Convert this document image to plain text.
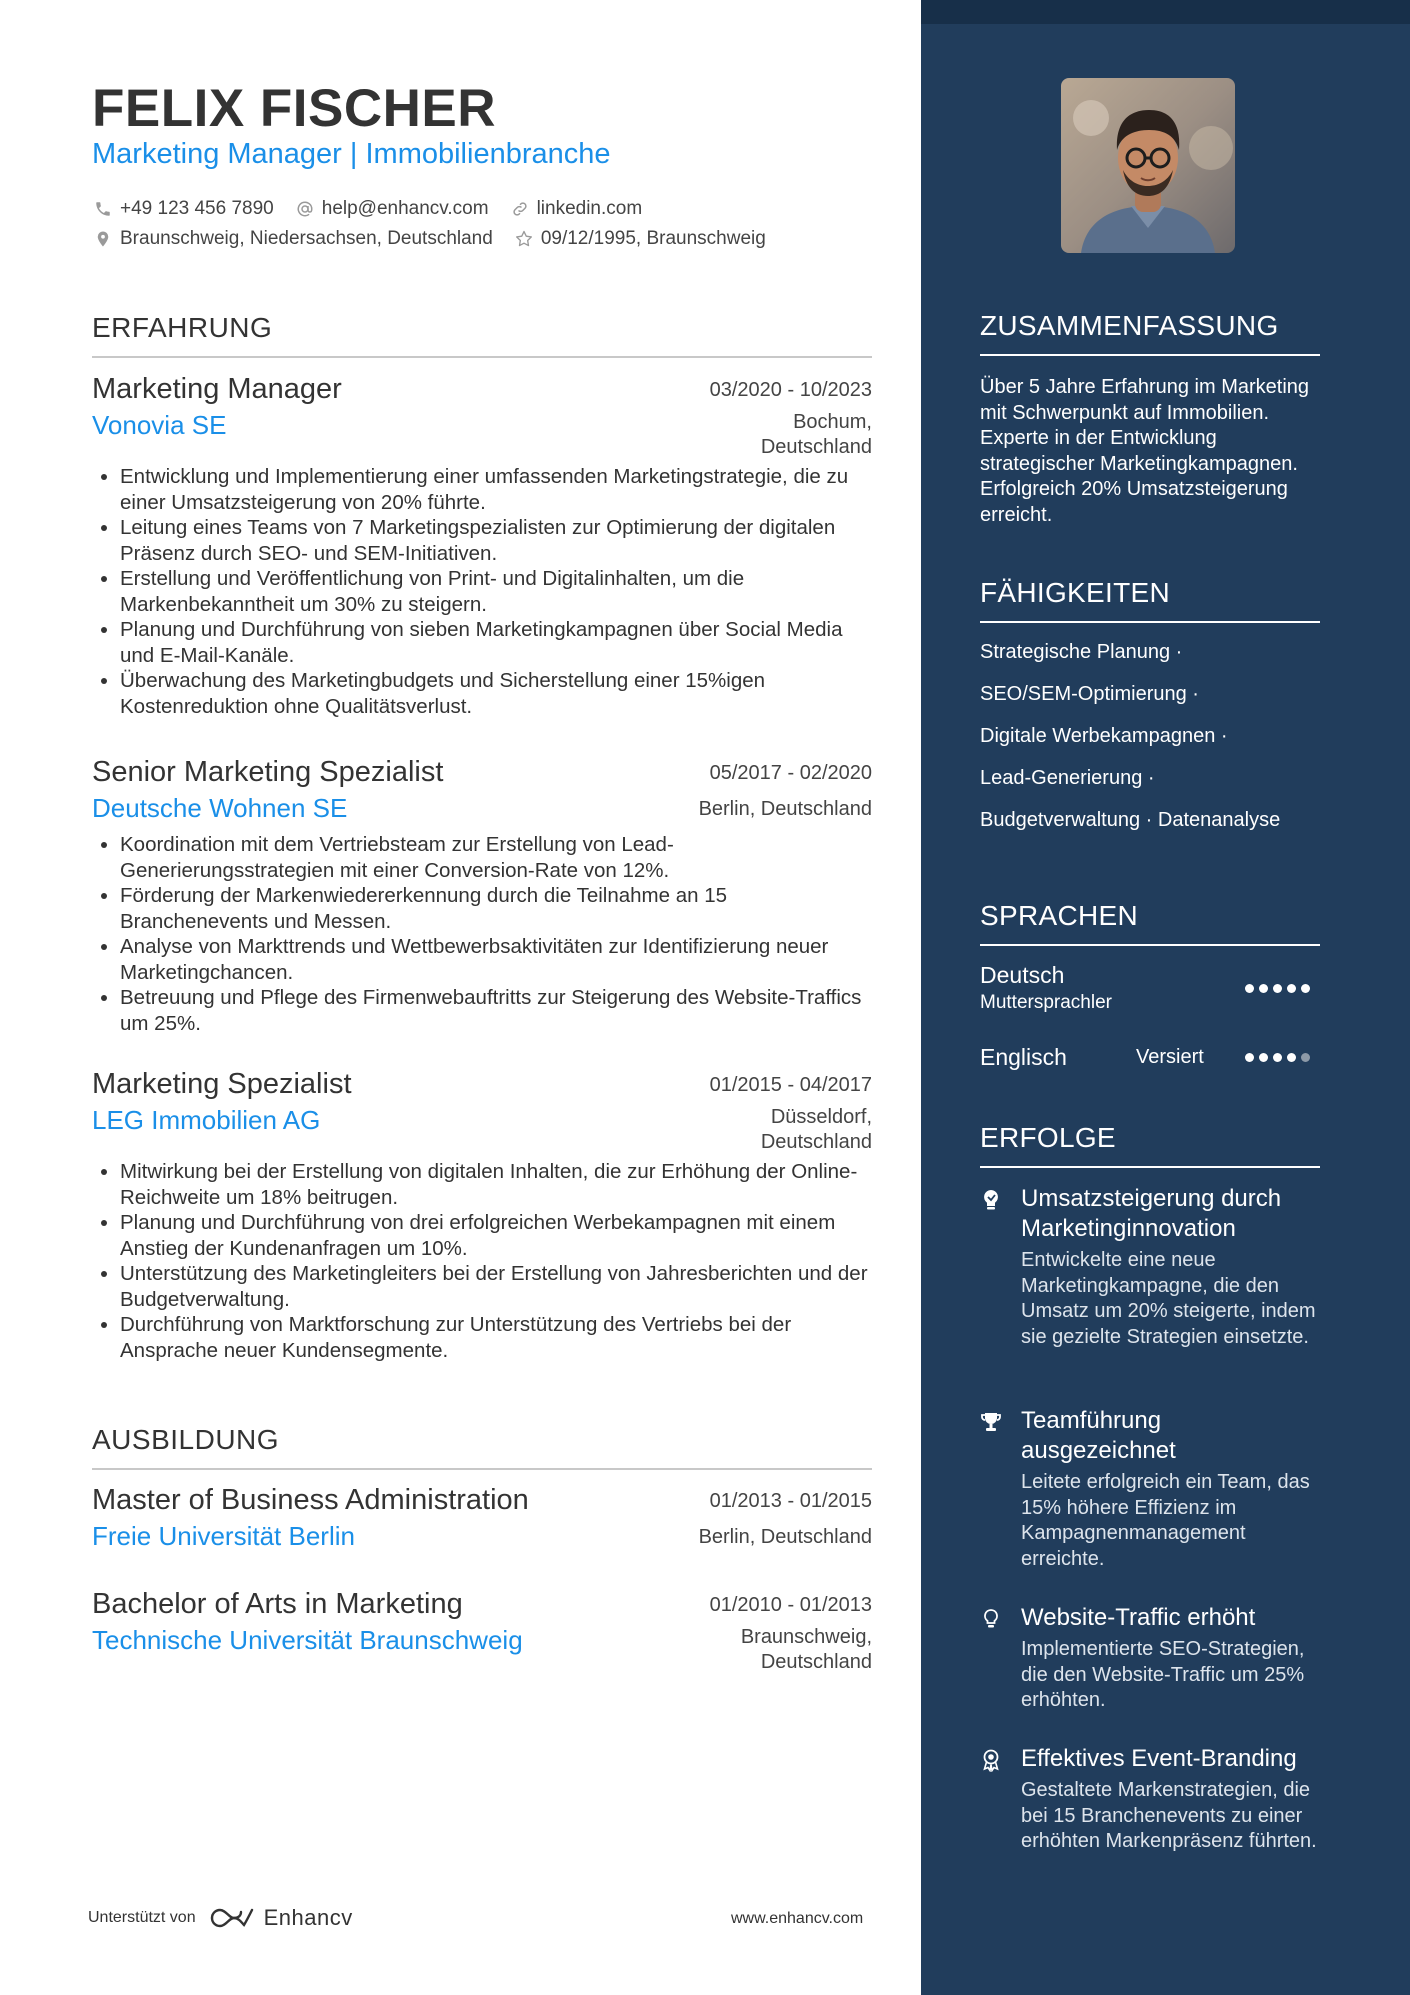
FELIX FISCHER
Marketing Manager | Immobilienbranche
+49 123 456 7890	help@enhancv.com	linkedin.com
Braunschweig, Niedersachsen, Deutschland	09/12/1995, Braunschweig
ERFAHRUNG
Marketing Manager	03/2020 - 10/2023
Vonovia SE	Bochum, Deutschland
• Entwicklung und Implementierung einer umfassenden Marketingstrategie, die zu einer Umsatzsteigerung von 20% führte.
• Leitung eines Teams von 7 Marketingspezialisten zur Optimierung der digitalen Präsenz durch SEO- und SEM-Initiativen.
• Erstellung und Veröffentlichung von Print- und Digitalinhalten, um die Markenbekanntheit um 30% zu steigern.
• Planung und Durchführung von sieben Marketingkampagnen über Social Media und E-Mail-Kanäle.
• Überwachung des Marketingbudgets und Sicherstellung einer 15%igen Kostenreduktion ohne Qualitätsverlust.
Senior Marketing Spezialist	05/2017 - 02/2020
Deutsche Wohnen SE	Berlin, Deutschland
• Koordination mit dem Vertriebsteam zur Erstellung von Lead-Generierungsstrategien mit einer Conversion-Rate von 12%.
• Förderung der Markenwiedererkennung durch die Teilnahme an 15 Branchenevents und Messen.
• Analyse von Markttrends und Wettbewerbsaktivitäten zur Identifizierung neuer Marketingchancen.
• Betreuung und Pflege des Firmenwebauftritts zur Steigerung des Website-Traffics um 25%.
Marketing Spezialist	01/2015 - 04/2017
LEG Immobilien AG	Düsseldorf, Deutschland
• Mitwirkung bei der Erstellung von digitalen Inhalten, die zur Erhöhung der Online-Reichweite um 18% beitrugen.
• Planung und Durchführung von drei erfolgreichen Werbekampagnen mit einem Anstieg der Kundenanfragen um 10%.
• Unterstützung des Marketingleiters bei der Erstellung von Jahresberichten und der Budgetverwaltung.
• Durchführung von Marktforschung zur Unterstützung des Vertriebs bei der Ansprache neuer Kundensegmente.
AUSBILDUNG
Master of Business Administration	01/2013 - 01/2015
Freie Universität Berlin	Berlin, Deutschland
Bachelor of Arts in Marketing	01/2010 - 01/2013
Technische Universität Braunschweig	Braunschweig, Deutschland
Unterstützt von	Enhancv	www.enhancv.com
ZUSAMMENFASSUNG
Über 5 Jahre Erfahrung im Marketing mit Schwerpunkt auf Immobilien. Experte in der Entwicklung strategischer Marketingkampagnen. Erfolgreich 20% Umsatzsteigerung erreicht.
FÄHIGKEITEN
Strategische Planung ·
SEO/SEM-Optimierung ·
Digitale Werbekampagnen ·
Lead-Generierung ·
Budgetverwaltung · Datenanalyse
SPRACHEN
Deutsch
Muttersprachler
Englisch	Versiert
ERFOLGE
Umsatzsteigerung durch Marketinginnovation
Entwickelte eine neue Marketingkampagne, die den Umsatz um 20% steigerte, indem sie gezielte Strategien einsetzte.
Teamführung ausgezeichnet
Leitete erfolgreich ein Team, das 15% höhere Effizienz im Kampagnenmanagement erreichte.
Website-Traffic erhöht
Implementierte SEO-Strategien, die den Website-Traffic um 25% erhöhten.
Effektives Event-Branding
Gestaltete Markenstrategien, die bei 15 Branchenevents zu einer erhöhten Markenpräsenz führten.
